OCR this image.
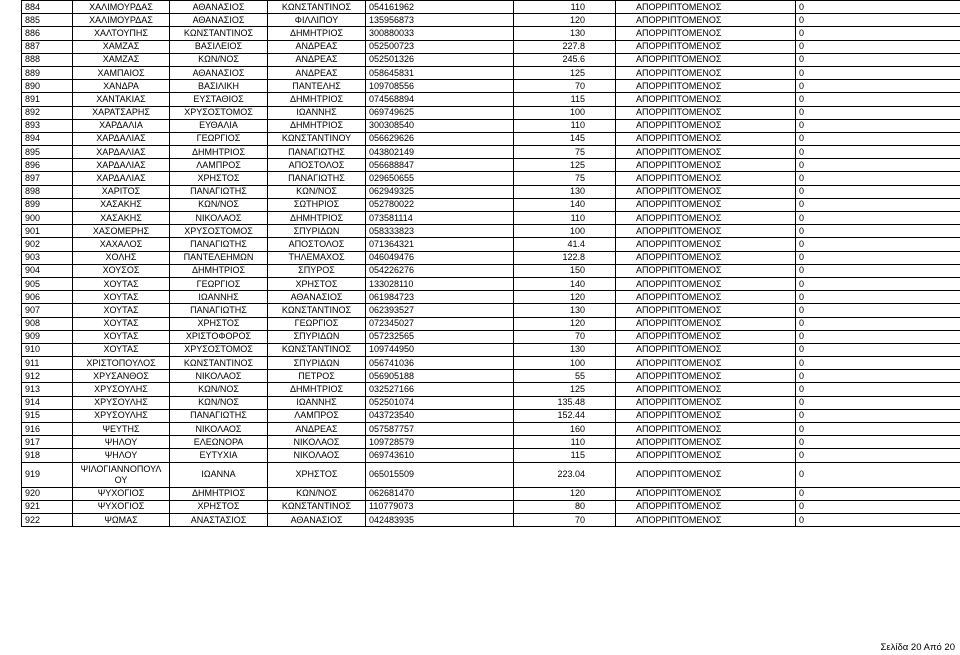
884	ΧΑΛΙΜΟΥΡΔΑΣ	ΑΘΑΝΑΣΙΟΣ	ΚΩΝΣΤΑΝΤΙΝΟΣ	054161962	110	ΑΠΟΡΡΙΠΤΟΜΕΝΟΣ	0
885	ΧΑΛΙΜΟΥΡΔΑΣ	ΑΘΑΝΑΣΙΟΣ	ΦΙΛΛΙΠΟΥ	135956873	120	ΑΠΟΡΡΙΠΤΟΜΕΝΟΣ	0
886	ΧΑΛΤΟΥΠΗΣ	ΚΩΝΣΤΑΝΤΙΝΟΣ	ΔΗΜΗΤΡΙΟΣ	300880033	130	ΑΠΟΡΡΙΠΤΟΜΕΝΟΣ	0
887	ΧΑΜΖΑΣ	ΒΑΣΙΛΕΙΟΣ	ΑΝΔΡΕΑΣ	052500723	227.8	ΑΠΟΡΡΙΠΤΟΜΕΝΟΣ	0
888	ΧΑΜΖΑΣ	ΚΩΝ/ΝΟΣ	ΑΝΔΡΕΑΣ	052501326	245.6	ΑΠΟΡΡΙΠΤΟΜΕΝΟΣ	0
889	ΧΑΜΠΑΙΟΣ	ΑΘΑΝΑΣΙΟΣ	ΑΝΔΡΕΑΣ	058645831	125	ΑΠΟΡΡΙΠΤΟΜΕΝΟΣ	0
890	ΧΑΝΔΡΑ	ΒΑΣΙΛΙΚΗ	ΠΑΝΤΕΛΗΣ	109708556	70	ΑΠΟΡΡΙΠΤΟΜΕΝΟΣ	0
891	ΧΑΝΤΑΚΙΑΣ	ΕΥΣΤΑΘΙΟΣ	ΔΗΜΗΤΡΙΟΣ	074568894	115	ΑΠΟΡΡΙΠΤΟΜΕΝΟΣ	0
892	ΧΑΡΑΤΣΑΡΗΣ	ΧΡΥΣΟΣΤΟΜΟΣ	ΙΩΑΝΝΗΣ	069749625	100	ΑΠΟΡΡΙΠΤΟΜΕΝΟΣ	0
893	ΧΑΡΔΑΛΙΑ	ΕΥΘΑΛΙΑ	ΔΗΜΗΤΡΙΟΣ	300308540	110	ΑΠΟΡΡΙΠΤΟΜΕΝΟΣ	0
894	ΧΑΡΔΑΛΙΑΣ	ΓΕΩΡΓΙΟΣ	ΚΩΝΣΤΑΝΤΙΝΟΥ	056629626	145	ΑΠΟΡΡΙΠΤΟΜΕΝΟΣ	0
895	ΧΑΡΔΑΛΙΑΣ	ΔΗΜΗΤΡΙΟΣ	ΠΑΝΑΓΙΩΤΗΣ	043802149	75	ΑΠΟΡΡΙΠΤΟΜΕΝΟΣ	0
896	ΧΑΡΔΑΛΙΑΣ	ΛΑΜΠΡΟΣ	ΑΠΟΣΤΟΛΟΣ	056688847	125	ΑΠΟΡΡΙΠΤΟΜΕΝΟΣ	0
897	ΧΑΡΔΑΛΙΑΣ	ΧΡΗΣΤΟΣ	ΠΑΝΑΓΙΩΤΗΣ	029650655	75	ΑΠΟΡΡΙΠΤΟΜΕΝΟΣ	0
898	ΧΑΡΙΤΟΣ	ΠΑΝΑΓΙΩΤΗΣ	ΚΩΝ/ΝΟΣ	062949325	130	ΑΠΟΡΡΙΠΤΟΜΕΝΟΣ	0
899	ΧΑΣΑΚΗΣ	ΚΩΝ/ΝΟΣ	ΣΩΤΗΡΙΟΣ	052780022	140	ΑΠΟΡΡΙΠΤΟΜΕΝΟΣ	0
900	ΧΑΣΑΚΗΣ	ΝΙΚΟΛΑΟΣ	ΔΗΜΗΤΡΙΟΣ	073581114	110	ΑΠΟΡΡΙΠΤΟΜΕΝΟΣ	0
901	ΧΑΣΟΜΕΡΗΣ	ΧΡΥΣΟΣΤΟΜΟΣ	ΣΠΥΡΙΔΩΝ	058333823	100	ΑΠΟΡΡΙΠΤΟΜΕΝΟΣ	0
902	ΧΑΧΑΛΟΣ	ΠΑΝΑΓΙΩΤΗΣ	ΑΠΟΣΤΟΛΟΣ	071364321	41.4	ΑΠΟΡΡΙΠΤΟΜΕΝΟΣ	0
903	ΧΟΛΗΣ	ΠΑΝΤΕΛΕΗΜΩΝ	ΤΗΛΕΜΑΧΟΣ	046049476	122.8	ΑΠΟΡΡΙΠΤΟΜΕΝΟΣ	0
904	ΧΟΥΣΟΣ	ΔΗΜΗΤΡΙΟΣ	ΣΠΥΡΟΣ	054226276	150	ΑΠΟΡΡΙΠΤΟΜΕΝΟΣ	0
905	ΧΟΥΤΑΣ	ΓΕΩΡΓΙΟΣ	ΧΡΗΣΤΟΣ	133028110	140	ΑΠΟΡΡΙΠΤΟΜΕΝΟΣ	0
906	ΧΟΥΤΑΣ	ΙΩΑΝΝΗΣ	ΑΘΑΝΑΣΙΟΣ	061984723	120	ΑΠΟΡΡΙΠΤΟΜΕΝΟΣ	0
907	ΧΟΥΤΑΣ	ΠΑΝΑΓΙΩΤΗΣ	ΚΩΝΣΤΑΝΤΙΝΟΣ	062393527	130	ΑΠΟΡΡΙΠΤΟΜΕΝΟΣ	0
908	ΧΟΥΤΑΣ	ΧΡΗΣΤΟΣ	ΓΕΩΡΓΙΟΣ	072345027	120	ΑΠΟΡΡΙΠΤΟΜΕΝΟΣ	0
909	ΧΟΥΤΑΣ	ΧΡΙΣΤΟΦΟΡΟΣ	ΣΠΥΡΙΔΩΝ	057232565	70	ΑΠΟΡΡΙΠΤΟΜΕΝΟΣ	0
910	ΧΟΥΤΑΣ	ΧΡΥΣΟΣΤΟΜΟΣ	ΚΩΝΣΤΑΝΤΙΝΟΣ	109744950	130	ΑΠΟΡΡΙΠΤΟΜΕΝΟΣ	0
911	ΧΡΙΣΤΟΠΟΥΛΟΣ	ΚΩΝΣΤΑΝΤΙΝΟΣ	ΣΠΥΡΙΔΩΝ	056741036	100	ΑΠΟΡΡΙΠΤΟΜΕΝΟΣ	0
912	ΧΡΥΣΑΝΘΟΣ	ΝΙΚΟΛΑΟΣ	ΠΕΤΡΟΣ	056905188	55	ΑΠΟΡΡΙΠΤΟΜΕΝΟΣ	0
913	ΧΡΥΣΟΥΛΗΣ	ΚΩΝ/ΝΟΣ	ΔΗΜΗΤΡΙΟΣ	032527166	125	ΑΠΟΡΡΙΠΤΟΜΕΝΟΣ	0
914	ΧΡΥΣΟΥΛΗΣ	ΚΩΝ/ΝΟΣ	ΙΩΑΝΝΗΣ	052501074	135.48	ΑΠΟΡΡΙΠΤΟΜΕΝΟΣ	0
915	ΧΡΥΣΟΥΛΗΣ	ΠΑΝΑΓΙΩΤΗΣ	ΛΑΜΠΡΟΣ	043723540	152.44	ΑΠΟΡΡΙΠΤΟΜΕΝΟΣ	0
916	ΨΕΥΤΗΣ	ΝΙΚΟΛΑΟΣ	ΑΝΔΡΕΑΣ	057587757	160	ΑΠΟΡΡΙΠΤΟΜΕΝΟΣ	0
917	ΨΗΛΟΥ	ΕΛΕΩΝΟΡΑ	ΝΙΚΟΛΑΟΣ	109728579	110	ΑΠΟΡΡΙΠΤΟΜΕΝΟΣ	0
918	ΨΗΛΟΥ	ΕΥΤΥΧΙΑ	ΝΙΚΟΛΑΟΣ	069743610	115	ΑΠΟΡΡΙΠΤΟΜΕΝΟΣ	0
919	ΨΙΛΟΓΙΑΝΝΟΠΟΥΛ ΟΥ	ΙΩΑΝΝΑ	ΧΡΗΣΤΟΣ	065015509	223.04	ΑΠΟΡΡΙΠΤΟΜΕΝΟΣ	0
920	ΨΥΧΟΓΙΟΣ	ΔΗΜΗΤΡΙΟΣ	ΚΩΝ/ΝΟΣ	062681470	120	ΑΠΟΡΡΙΠΤΟΜΕΝΟΣ	0
921	ΨΥΧΟΓΙΟΣ	ΧΡΗΣΤΟΣ	ΚΩΝΣΤΑΝΤΙΝΟΣ	110779073	80	ΑΠΟΡΡΙΠΤΟΜΕΝΟΣ	0
922	ΨΩΜΑΣ	ΑΝΑΣΤΑΣΙΟΣ	ΑΘΑΝΑΣΙΟΣ	042483935	70	ΑΠΟΡΡΙΠΤΟΜΕΝΟΣ	0
Σελίδα 20 Από 20
